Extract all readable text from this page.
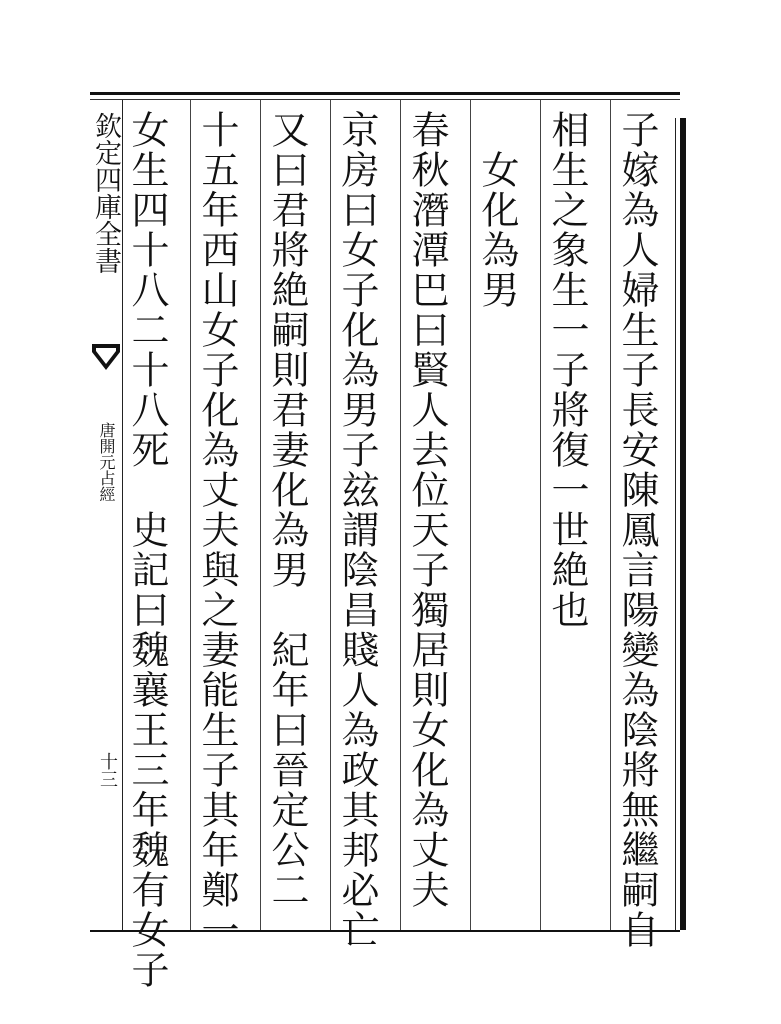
欽定四庫全書
唐開元占經
十三	子嫁為人婦生子長安陳鳳言陽變為陰將無繼嗣自
相生之象生一子將復一世絶也
　女化為男
春秋潛潭巴曰賢人去位天子獨居則女化為丈夫
京房曰女子化為男子玆謂陰昌賤人為政其邦必亡
又曰君將絶嗣則君妻化為男　紀年曰晉定公二
十五年西山女子化為丈夫與之妻能生子其年鄭一
女生四十八二十八死　史記曰魏襄王三年魏有女子
